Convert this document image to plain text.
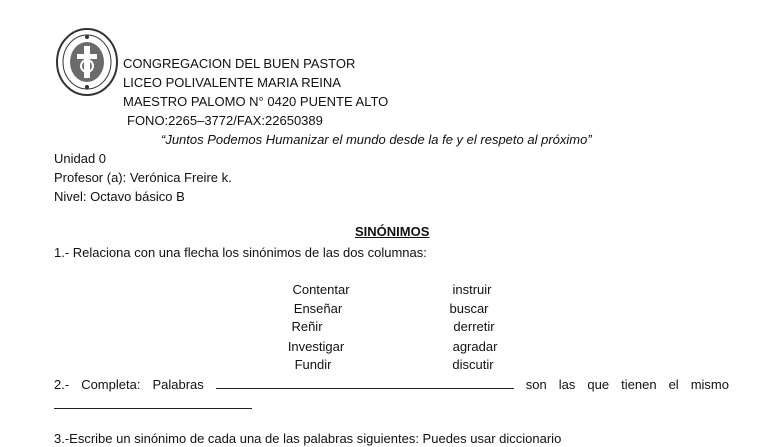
CONGREGACION DEL BUEN PASTOR
LICEO POLIVALENTE MARIA REINA
MAESTRO PALOMO N° 0420 PUENTE ALTO
FONO:2265–3772/FAX:22650389
“Juntos Podemos Humanizar el mundo desde la fe y el respeto al próximo”
Unidad 0
Profesor (a): Verónica Freire k.
Nivel: Octavo básico B
SINÓNIMOS
1.- Relaciona con una flecha los sinónimos de las dos columnas:
Contentar
Enseñar
Reñir
Investigar
Fundir
instruir
buscar
derretir
agradar
discutir
2.- Completa: Palabras	son las que tienen el mismo
3.-Escribe un sinónimo de cada una de las palabras siguientes: Puedes usar diccionario
